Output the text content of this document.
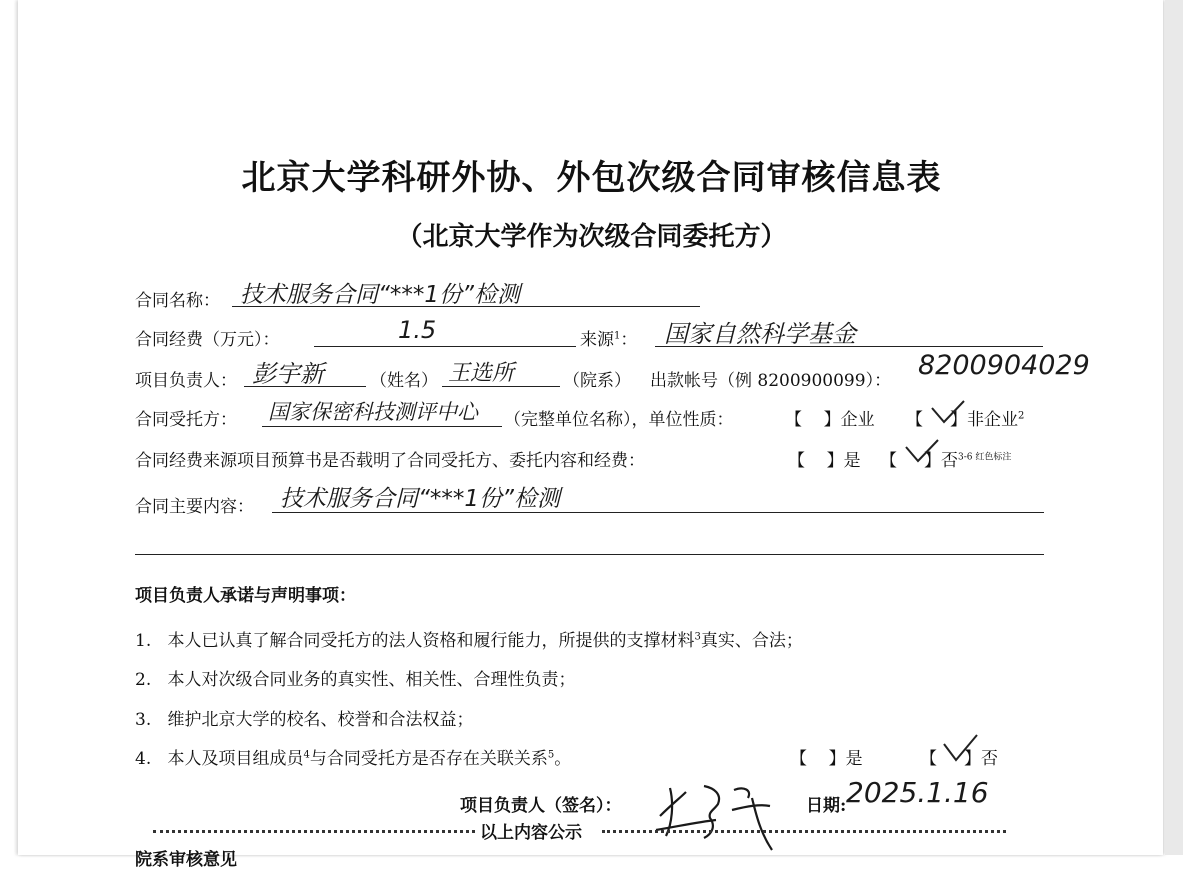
北京大学科研外协、外包次级合同审核信息表
（北京大学作为次级合同委托方）
合同名称： 技术服务合同“***1份”检测
合同经费（万元）：	1.5	来源$^1$： 国家自然科学基金
项目负责人： 彭宇新	（姓名） 王选所	（院系） 出款帐号（例 8200900099）： 8200904029
合同受托方： 国家保密科技测评中心 （完整单位名称），单位性质：	【    】企业 【     】非企业$^2$
合同经费来源项目预算书是否载明了合同受托方、委托内容和经费：	【    】是 【     】否$^{3-6 红色标注}$
合同主要内容： 技术服务合同“***1份”检测
项目负责人承诺与声明事项：
1. 本人已认真了解合同受托方的法人资格和履行能力，所提供的支撑材料$^3$真实、合法；
2. 本人对次级合同业务的真实性、相关性、合理性负责；
3. 维护北京大学的校名、校誉和合法权益；
4. 本人及项目组成员$^4$与合同受托方是否存在关联关系$^5$。	【    】是	【     】否
项目负责人（签名）：	日期: 2025.1.16
以上内容公示
院系审核意见
